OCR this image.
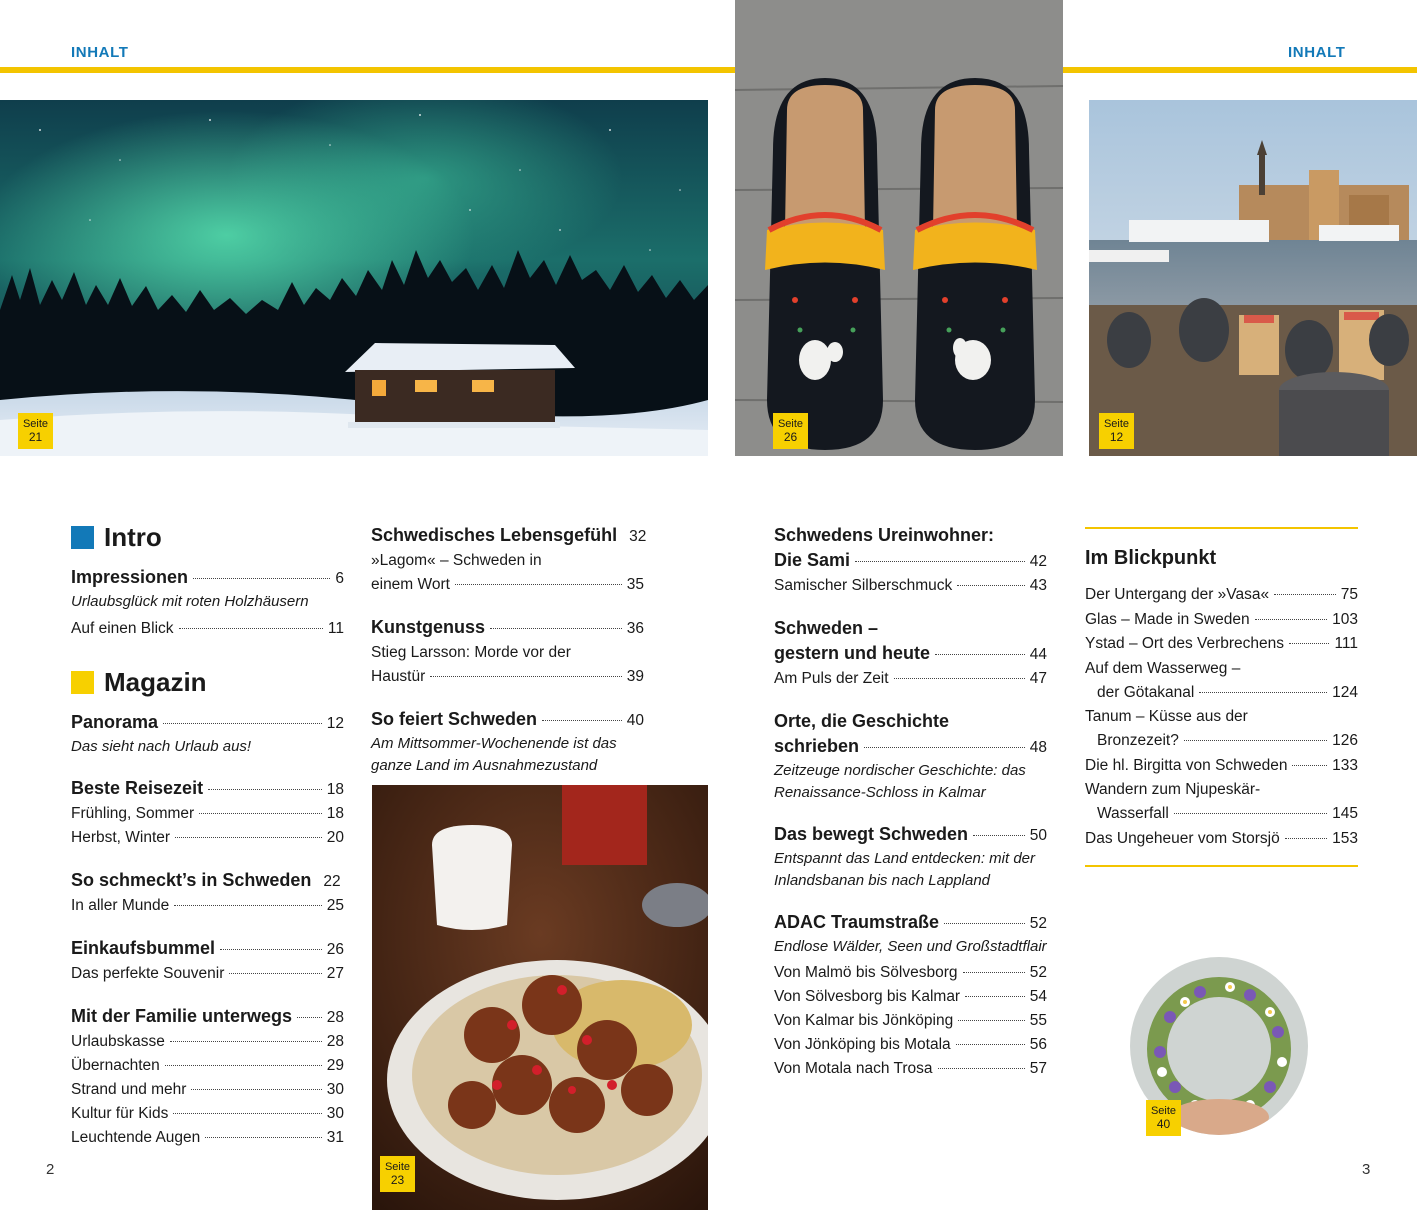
INHALT	INHALT
Seite
21
Seite
26
Seite
12
Seite
23
Seite
40
Intro
Impressionen	6
Urlaubsglück mit roten Holzhäusern
Auf einen Blick	11
Magazin
Panorama	12
Das sieht nach Urlaub aus!
Beste Reisezeit	18
Frühling, Sommer	18
Herbst, Winter	20
So schmeckt’s in Schweden 22
In aller Munde	25
Einkaufsbummel	26
Das perfekte Souvenir	27
Mit der Familie unterwegs 28
Urlaubskasse	28
Übernachten	29
Strand und mehr	30
Kultur für Kids	30
Leuchtende Augen	31
Schwedisches Lebensgefühl 32
»Lagom« – Schweden in
einem Wort	35
Kunstgenuss	36
Stieg Larsson: Morde vor der
Haustür	39
So feiert Schweden	40
Am Mittsommer-Wochenende ist das ganze Land im Ausnahmezustand
Schwedens Ureinwohner:
Die Sami	42
Samischer Silberschmuck	43
Schweden –
gestern und heute	44
Am Puls der Zeit	47
Orte, die Geschichte
schrieben	48
Zeitzeuge nordischer Geschichte: das Renaissance-Schloss in Kalmar
Das bewegt Schweden	50
Entspannt das Land entdecken: mit der Inlandsbanan bis nach Lappland
ADAC Traumstraße	52
Endlose Wälder, Seen und Großstadtflair
Von Malmö bis Sölvesborg	52
Von Sölvesborg bis Kalmar	54
Von Kalmar bis Jönköping	55
Von Jönköping bis Motala	56
Von Motala nach Trosa	57
Im Blickpunkt
Der Untergang der »Vasa«	75
Glas – Made in Sweden	103
Ystad – Ort des Verbrechens	111
Auf dem Wasserweg –
der Götakanal	124
Tanum – Küsse aus der
Bronzezeit?	126
Die hl. Birgitta von Schweden	133
Wandern zum Njupeskär-
Wasserfall	145
Das Ungeheuer vom Storsjö	153
2	3
